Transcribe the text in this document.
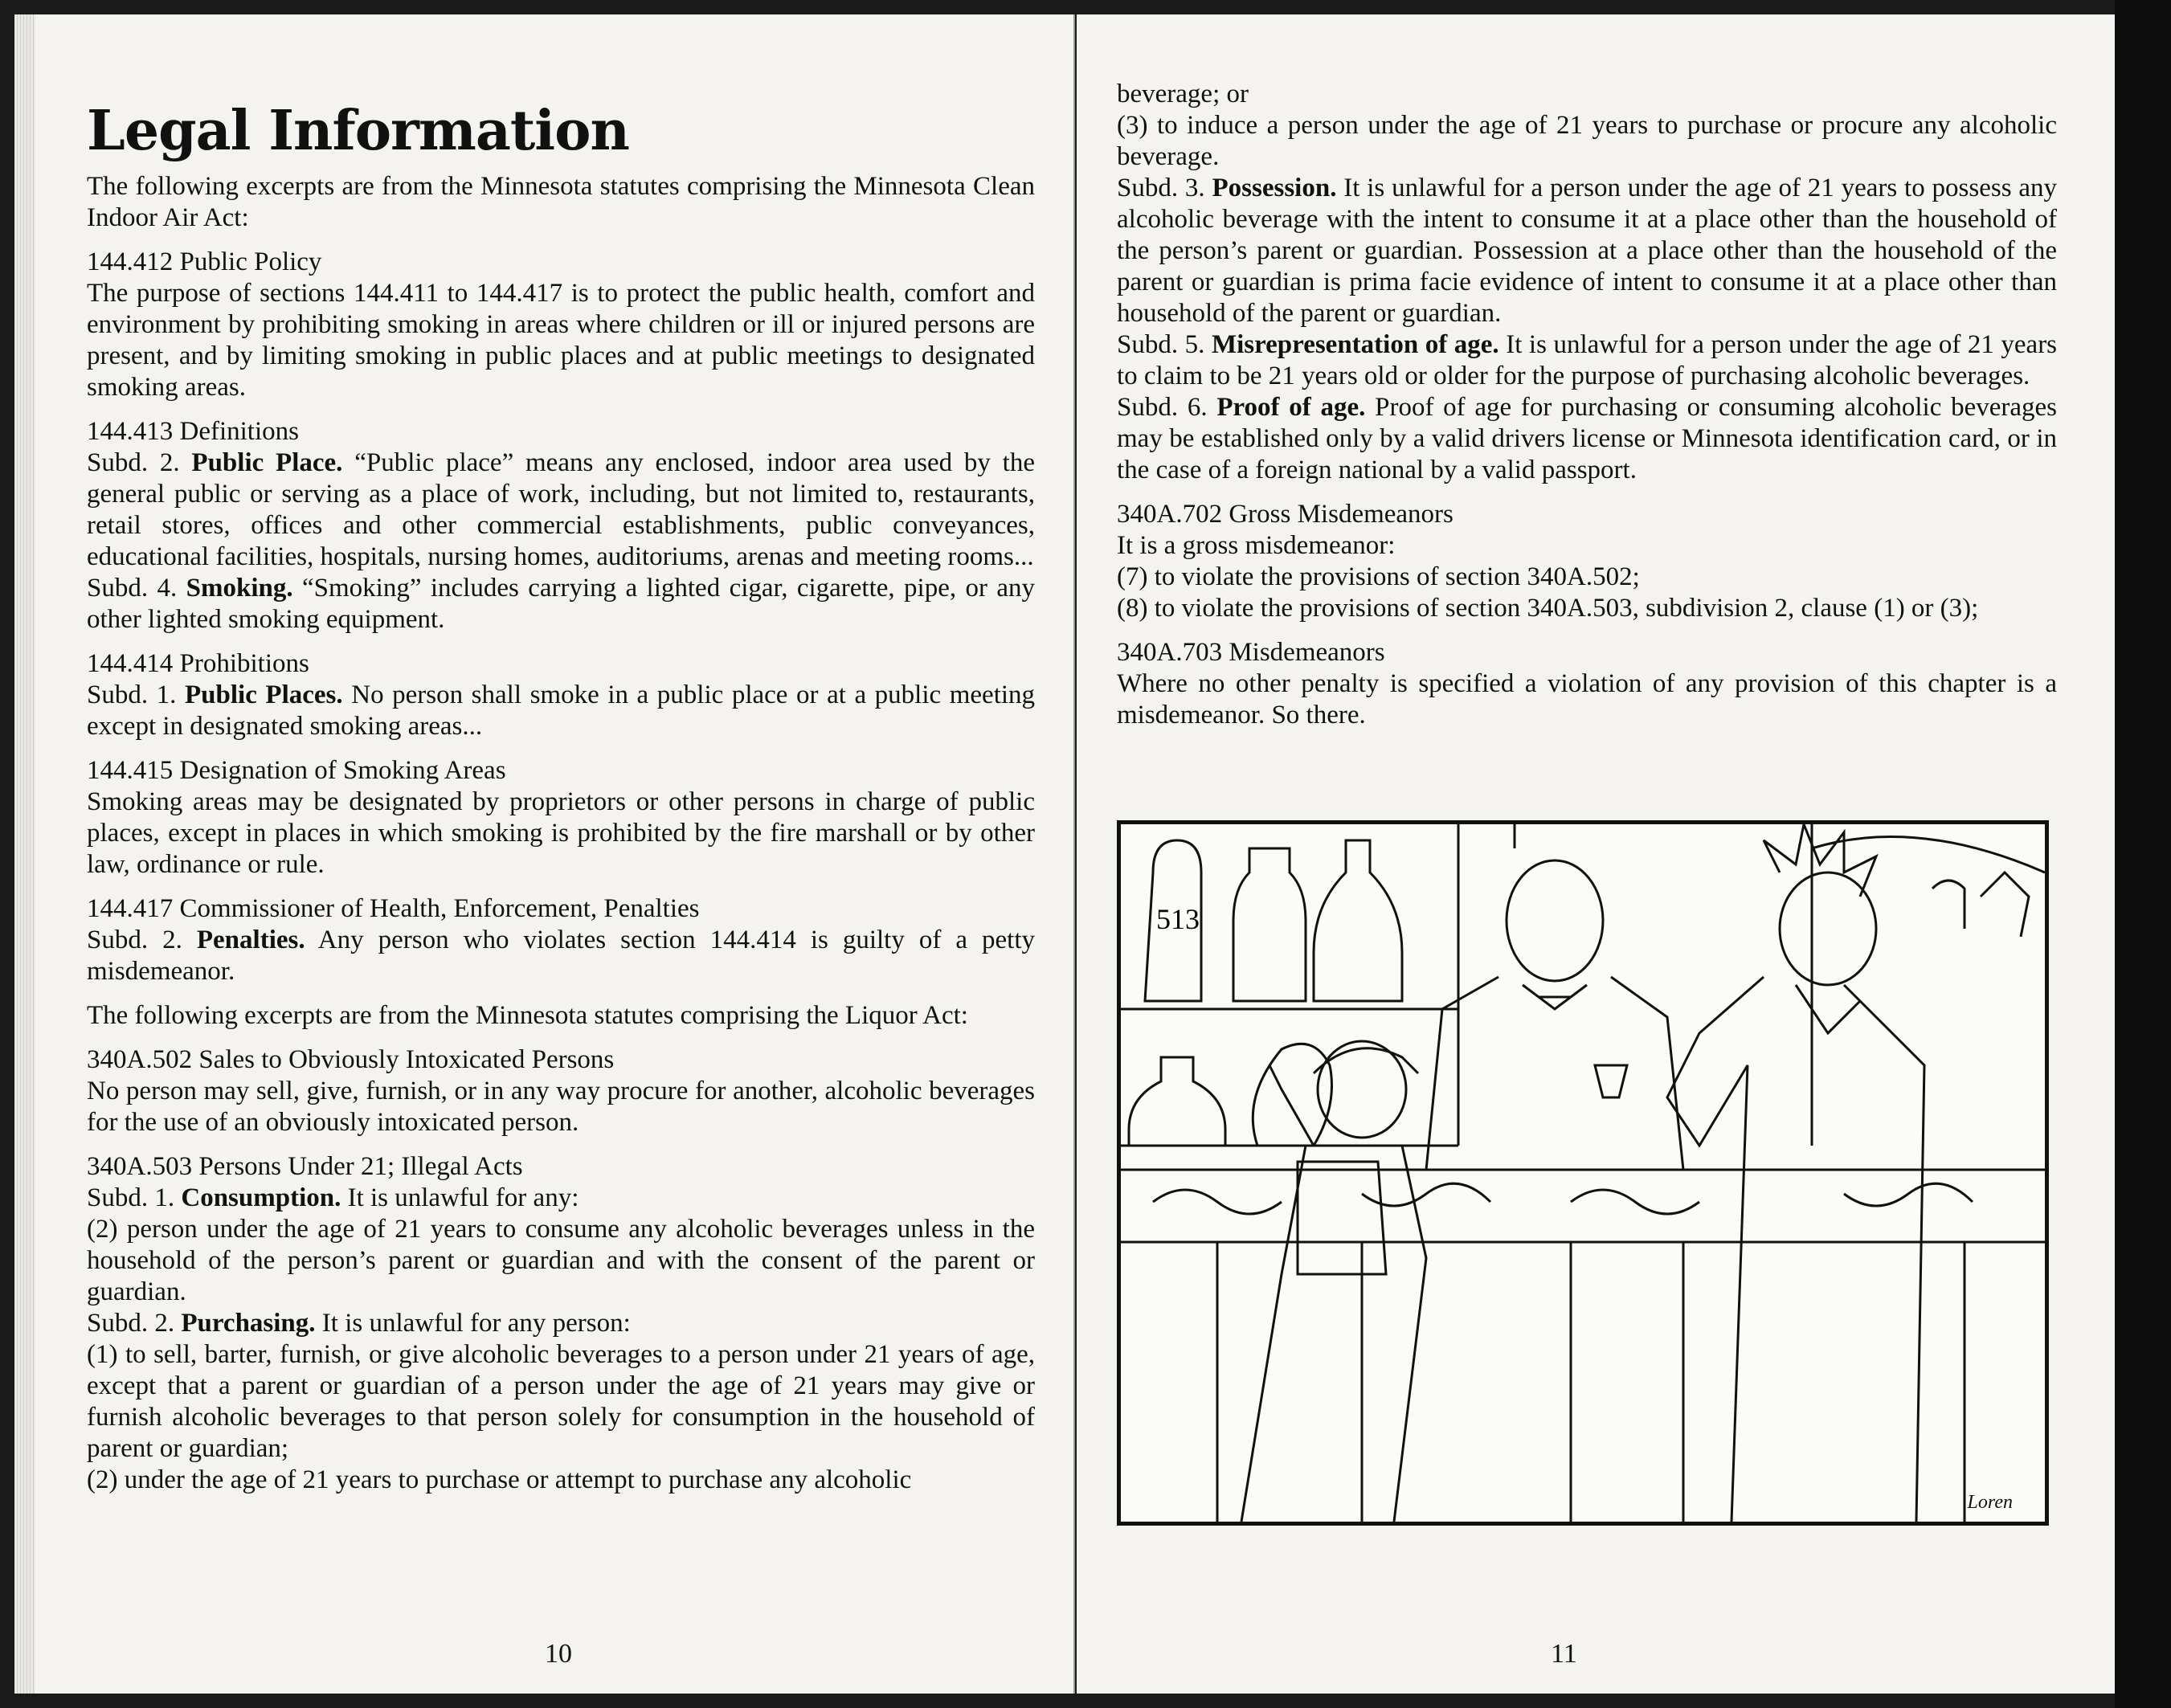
Legal Information

The following excerpts are from the Minnesota statutes comprising the Minnesota Clean Indoor Air Act:

144.412 Public Policy
The purpose of sections 144.411 to 144.417 is to protect the public health, comfort and environment by prohibiting smoking in areas where children or ill or injured persons are present, and by limiting smoking in public places and at public meetings to designated smoking areas.

144.413 Definitions
Subd. 2. Public Place. “Public place” means any enclosed, indoor area used by the general public or serving as a place of work, including, but not limited to, restaurants, retail stores, offices and other commercial establishments, public conveyances, educational facilities, hospitals, nursing homes, auditoriums, arenas and meeting rooms...
Subd. 4. Smoking. “Smoking” includes carrying a lighted cigar, cigarette, pipe, or any other lighted smoking equipment.

144.414 Prohibitions
Subd. 1. Public Places. No person shall smoke in a public place or at a public meeting except in designated smoking areas...

144.415 Designation of Smoking Areas
Smoking areas may be designated by proprietors or other persons in charge of public places, except in places in which smoking is prohibited by the fire marshall or by other law, ordinance or rule.

144.417 Commissioner of Health, Enforcement, Penalties
Subd. 2. Penalties. Any person who violates section 144.414 is guilty of a petty misdemeanor.

The following excerpts are from the Minnesota statutes comprising the Liquor Act:

340A.502 Sales to Obviously Intoxicated Persons
No person may sell, give, furnish, or in any way procure for another, alcoholic beverages for the use of an obviously intoxicated person.

340A.503 Persons Under 21; Illegal Acts
Subd. 1. Consumption. It is unlawful for any:
(2) person under the age of 21 years to consume any alcoholic beverages unless in the household of the person’s parent or guardian and with the consent of the parent or guardian.
Subd. 2. Purchasing. It is unlawful for any person:
(1) to sell, barter, furnish, or give alcoholic beverages to a person under 21 years of age, except that a parent or guardian of a person under the age of 21 years may give or furnish alcoholic beverages to that person solely for consumption in the household of parent or guardian;
(2) under the age of 21 years to purchase or attempt to purchase any alcoholic

10

beverage; or
(3) to induce a person under the age of 21 years to purchase or procure any alcoholic beverage.
Subd. 3. Possession. It is unlawful for a person under the age of 21 years to possess any alcoholic beverage with the intent to consume it at a place other than the household of the person’s parent or guardian. Possession at a place other than the household of the parent or guardian is prima facie evidence of intent to consume it at a place other than household of the parent or guardian.
Subd. 5. Misrepresentation of age. It is unlawful for a person under the age of 21 years to claim to be 21 years old or older for the purpose of purchasing alcoholic beverages.
Subd. 6. Proof of age. Proof of age for purchasing or consuming alcoholic beverages may be established only by a valid drivers license or Minnesota identification card, or in the case of a foreign national by a valid passport.

340A.702 Gross Misdemeanors
It is a gross misdemeanor:
(7) to violate the provisions of section 340A.502;
(8) to violate the provisions of section 340A.503, subdivision 2, clause (1) or (3);

340A.703 Misdemeanors
Where no other penalty is specified a violation of any provision of this chapter is a misdemeanor. So there.

513
Loren
11
